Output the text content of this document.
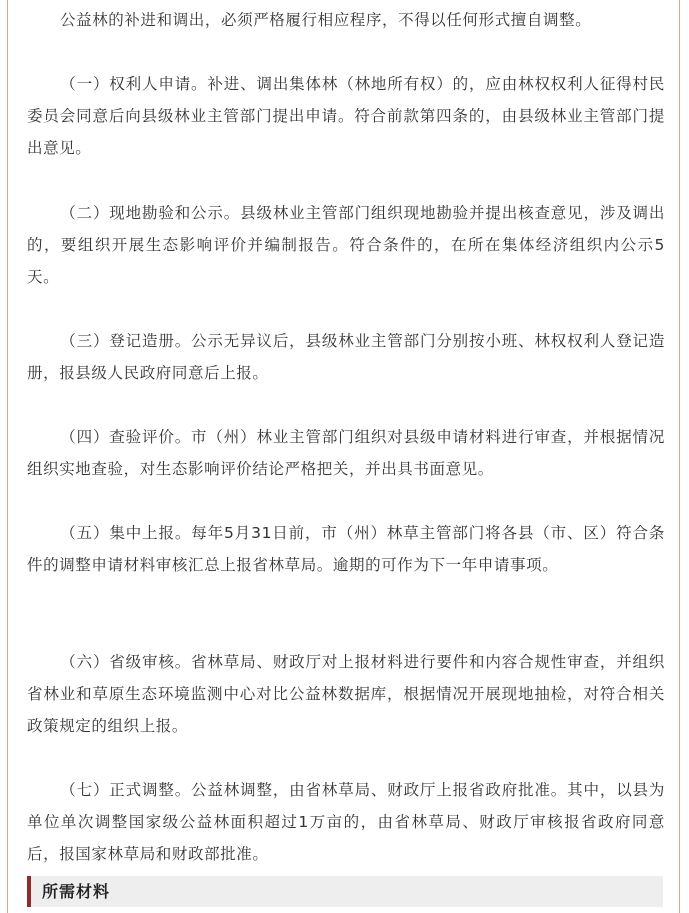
公益林的补进和调出，必须严格履行相应程序，不得以任何形式擅自调整。
（一）权利人申请。补进、调出集体林（林地所有权）的，应由林权权利人征得村民委员会同意后向县级林业主管部门提出申请。符合前款第四条的，由县级林业主管部门提出意见。
（二）现地勘验和公示。县级林业主管部门组织现地勘验并提出核查意见，涉及调出的，要组织开展生态影响评价并编制报告。符合条件的，在所在集体经济组织内公示5天。
（三）登记造册。公示无异议后，县级林业主管部门分别按小班、林权权利人登记造册，报县级人民政府同意后上报。
（四）查验评价。市（州）林业主管部门组织对县级申请材料进行审查，并根据情况组织实地查验，对生态影响评价结论严格把关，并出具书面意见。
（五）集中上报。每年5月31日前，市（州）林草主管部门将各县（市、区）符合条件的调整申请材料审核汇总上报省林草局。逾期的可作为下一年申请事项。
（六）省级审核。省林草局、财政厅对上报材料进行要件和内容合规性审查，并组织省林业和草原生态环境监测中心对比公益林数据库，根据情况开展现地抽检，对符合相关政策规定的组织上报。
（七）正式调整。公益林调整，由省林草局、财政厅上报省政府批准。其中，以县为单位单次调整国家级公益林面积超过1万亩的，由省林草局、财政厅审核报省政府同意后，报国家林草局和财政部批准。
所需材料
